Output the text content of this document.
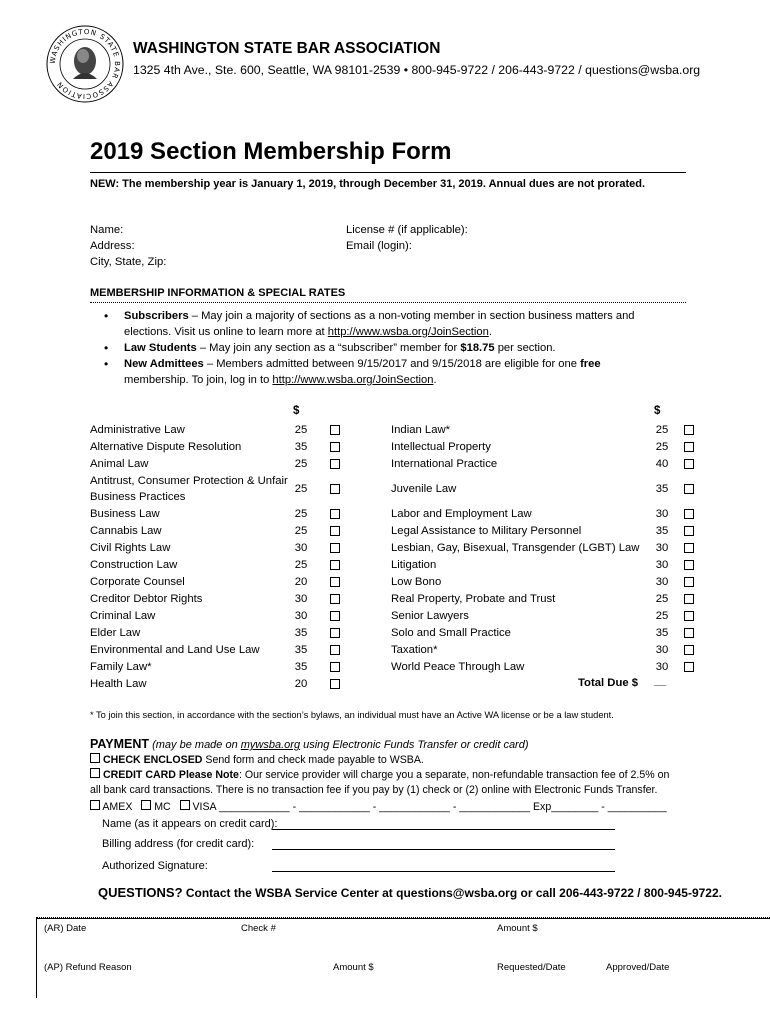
WASHINGTON STATE BAR ASSOCIATION
WASHINGTON STATE BAR ASSOCIATION
1325 4th Ave., Ste. 600, Seattle, WA 98101-2539 • 800-945-9722 / 206-443-9722 / questions@wsba.org
2019 Section Membership Form
NEW: The membership year is January 1, 2019, through December 31, 2019. Annual dues are not prorated.
Name:
Address:
City, State, Zip:
License # (if applicable):
Email (login):
MEMBERSHIP INFORMATION & SPECIAL RATES
• Subscribers – May join a majority of sections as a non-voting member in section business matters and elections. Visit us online to learn more at http://www.wsba.org/JoinSection.
• Law Students – May join any section as a “subscriber” member for $18.75 per section.
• New Admittees – Members admitted between 9/15/2017 and 9/15/2018 are eligible for one free membership. To join, log in to http://www.wsba.org/JoinSection.
$	$
Administrative Law	25
Alternative Dispute Resolution	35
Animal Law	25
Antitrust, Consumer Protection & Unfair Business Practices
25
Business Law	25
Cannabis Law	25
Civil Rights Law	30
Construction Law	25
Corporate Counsel	20
Creditor Debtor Rights	30
Criminal Law	30
Elder Law	35
Environmental and Land Use Law	35
Family Law*	35
Health Law	20
Indian Law*	25
Intellectual Property	25
International Practice	40
Juvenile Law	35
Labor and Employment Law	30
Legal Assistance to Military Personnel	35
Lesbian, Gay, Bisexual, Transgender (LGBT) Law	30
Litigation	30
Low Bono	30
Real Property, Probate and Trust	25
Senior Lawyers	25
Solo and Small Practice	35
Taxation*	30
World Peace Through Law	30
Total Due $ __
* To join this section, in accordance with the section’s bylaws, an individual must have an Active WA license or be a law student.
PAYMENT (may be made on mywsba.org using Electronic Funds Transfer or credit card)
CHECK ENCLOSED Send form and check made payable to WSBA.
CREDIT CARD Please Note: Our service provider will charge you a separate, non-refundable transaction fee of 2.5% on all bank card transactions. There is no transaction fee if you pay by (1) check or (2) online with Electronic Funds Transfer.
AMEX MC VISA ____________ - ____________ - ____________ - ____________ Exp________ - __________
Name (as it appears on credit card):
Billing address (for credit card):
Authorized Signature:
QUESTIONS? Contact the WSBA Service Center at questions@wsba.org or call 206-443-9722 / 800-945-9722.
(AR) Date	Check #	Amount $
(AP) Refund Reason	Amount $	Requested/Date	Approved/Date
